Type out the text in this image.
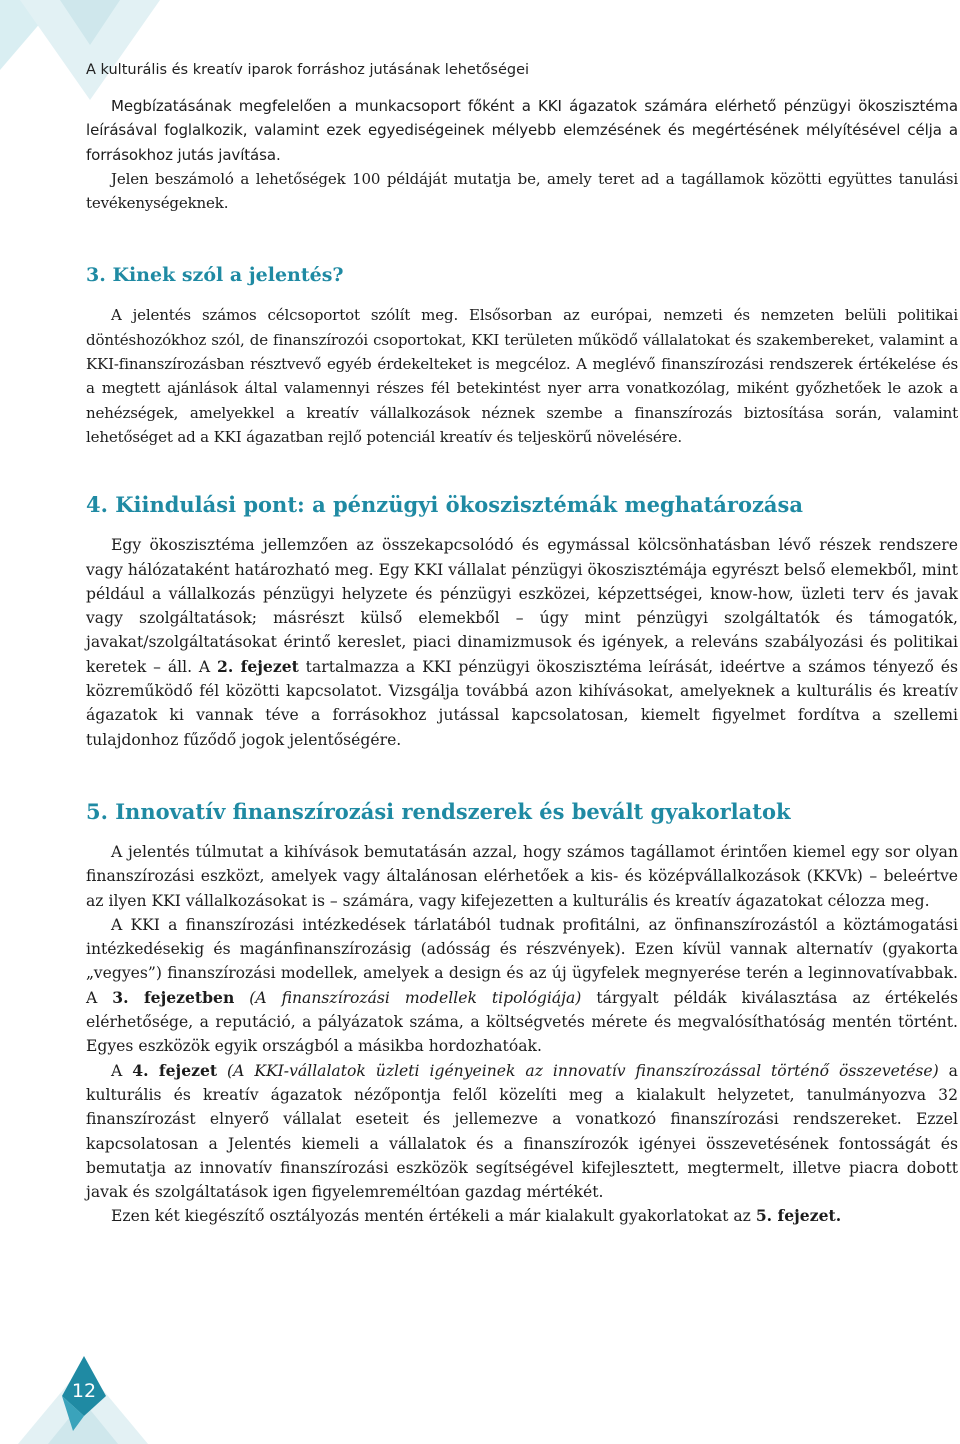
A kulturális és kreatív iparok forráshoz jutásának lehetőségei

Megbízatásának megfelelően a munkacsoport főként a KKI ágazatok számára elérhető pénzügyi ökoszisztéma leírásával foglalkozik, valamint ezek egyediségeinek mélyebb elemzésének és megértésének mélyítésével célja a forrásokhoz jutás javítása.

Jelen beszámoló a lehetőségek 100 példáját mutatja be, amely teret ad a tagállamok közötti együttes tanulási tevékenységeknek.

3. Kinek szól a jelentés?

A jelentés számos célcsoportot szólít meg. Elsősorban az európai, nemzeti és nemzeten belüli politikai döntéshozókhoz szól, de finanszírozói csoportokat, KKI területen működő vállalatokat és szakembereket, valamint a KKI-finanszírozásban résztvevő egyéb érdekelteket is megcéloz. A meglévő finanszírozási rendszerek értékelése és a megtett ajánlások által valamennyi részes fél betekintést nyer arra vonatkozólag, miként győzhetőek le azok a nehézségek, amelyekkel a kreatív vállalkozások néznek szembe a finanszírozás biztosítása során, valamint lehetőséget ad a KKI ágazatban rejlő potenciál kreatív és teljeskörű növelésére.

4. Kiindulási pont: a pénzügyi ökoszisztémák meghatározása

Egy ökoszisztéma jellemzően az összekapcsolódó és egymással kölcsönhatásban lévő részek rendszere vagy hálózataként határozható meg. Egy KKI vállalat pénzügyi ökoszisztémája egyrészt belső elemekből, mint például a vállalkozás pénzügyi helyzete és pénzügyi eszközei, képzettségei, know-how, üzleti terv és javak vagy szolgáltatások; másrészt külső elemekből – úgy mint pénzügyi szolgáltatók és támogatók, javakat/szolgáltatásokat érintő kereslet, piaci dinamizmusok és igények, a releváns szabályozási és politikai keretek – áll. A 2. fejezet tartalmazza a KKI pénzügyi ökoszisztéma leírását, ideértve a számos tényező és közreműködő fél közötti kapcsolatot. Vizsgálja továbbá azon kihívásokat, amelyeknek a kulturális és kreatív ágazatok ki vannak téve a forrásokhoz jutással kapcsolatosan, kiemelt figyelmet fordítva a szellemi tulajdonhoz fűződő jogok jelentőségére.

5. Innovatív finanszírozási rendszerek és bevált gyakorlatok

A jelentés túlmutat a kihívások bemutatásán azzal, hogy számos tagállamot érintően kiemel egy sor olyan finanszírozási eszközt, amelyek vagy általánosan elérhetőek a kis- és középvállalkozások (KKVk) – beleértve az ilyen KKI vállalkozásokat is – számára, vagy kifejezetten a kulturális és kreatív ágazatokat célozza meg.

A KKI a finanszírozási intézkedések tárlatából tudnak profitálni, az önfinanszírozástól a köztámogatási intézkedésekig és magánfinanszírozásig (adósság és részvények). Ezen kívül vannak alternatív (gyakorta „vegyes”) finanszírozási modellek, amelyek a design és az új ügyfelek megnyerése terén a leginnovatívabbak. A 3. fejezetben (A finanszírozási modellek tipológiája) tárgyalt példák kiválasztása az értékelés elérhetősége, a reputáció, a pályázatok száma, a költségvetés mérete és megvalósíthatóság mentén történt. Egyes eszközök egyik országból a másikba hordozhatóak.

A 4. fejezet (A KKI-vállalatok üzleti igényeinek az innovatív finanszírozással történő összevetése) a kulturális és kreatív ágazatok nézőpontja felől közelíti meg a kialakult helyzetet, tanulmányozva 32 finanszírozást elnyerő vállalat eseteit és jellemezve a vonatkozó finanszírozási rendszereket. Ezzel kapcsolatosan a Jelentés kiemeli a vállalatok és a finanszírozók igényei összevetésének fontosságát és bemutatja az innovatív finanszírozási eszközök segítségével kifejlesztett, megtermelt, illetve piacra dobott javak és szolgáltatások igen figyelemreméltóan gazdag mértékét.

Ezen két kiegészítő osztályozás mentén értékeli a már kialakult gyakorlatokat az 5. fejezet.

12
